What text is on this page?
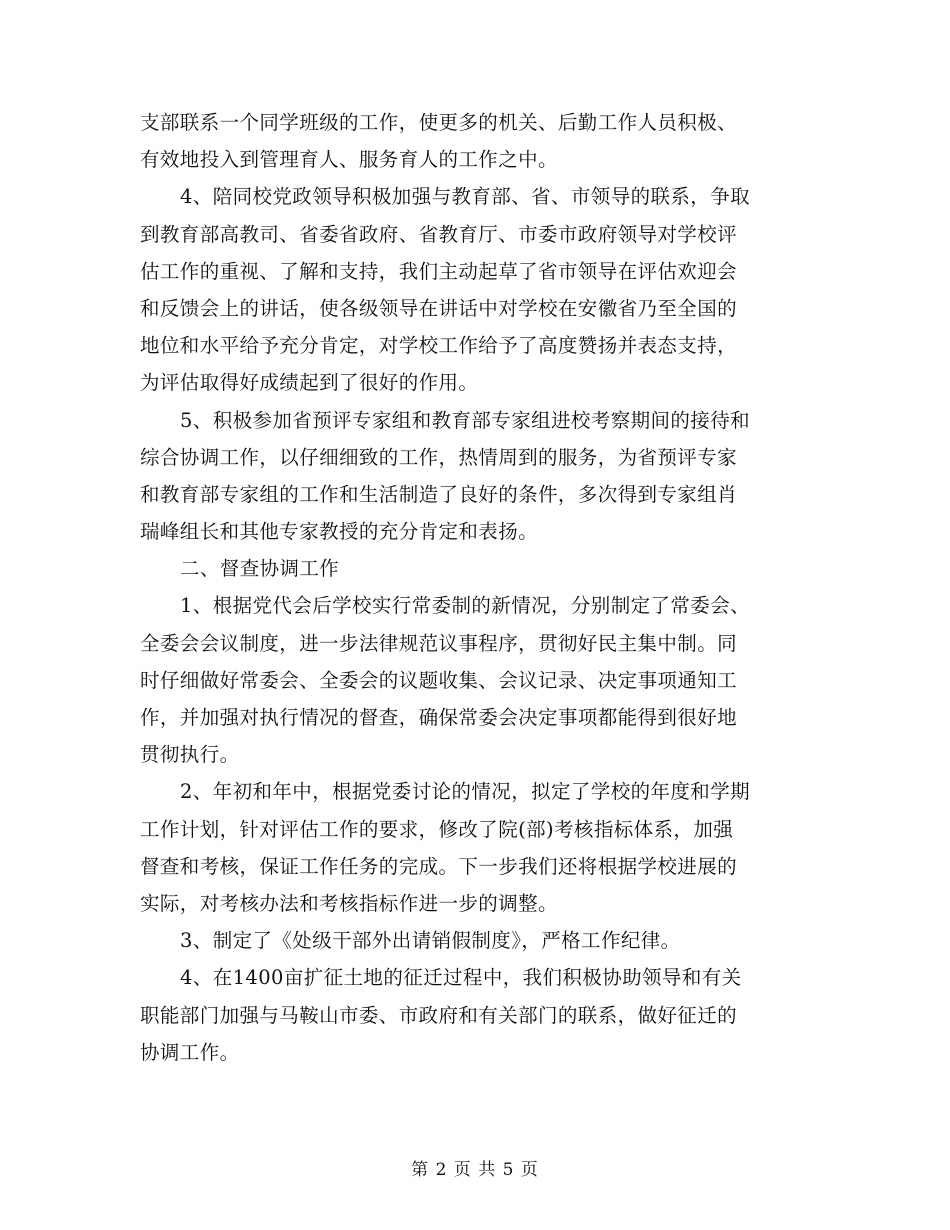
支部联系一个同学班级的工作，使更多的机关、后勤工作人员积极、
有效地投入到管理育人、服务育人的工作之中。
4、陪同校党政领导积极加强与教育部、省、市领导的联系，争取
到教育部高教司、省委省政府、省教育厅、市委市政府领导对学校评
估工作的重视、了解和支持，我们主动起草了省市领导在评估欢迎会
和反馈会上的讲话，使各级领导在讲话中对学校在安徽省乃至全国的
地位和水平给予充分肯定，对学校工作给予了高度赞扬并表态支持，
为评估取得好成绩起到了很好的作用。
5、积极参加省预评专家组和教育部专家组进校考察期间的接待和
综合协调工作，以仔细细致的工作，热情周到的服务，为省预评专家
和教育部专家组的工作和生活制造了良好的条件，多次得到专家组肖
瑞峰组长和其他专家教授的充分肯定和表扬。
二、督查协调工作
1、根据党代会后学校实行常委制的新情况，分别制定了常委会、
全委会会议制度，进一步法律规范议事程序，贯彻好民主集中制。同
时仔细做好常委会、全委会的议题收集、会议记录、决定事项通知工
作，并加强对执行情况的督查，确保常委会决定事项都能得到很好地
贯彻执行。
2、年初和年中，根据党委讨论的情况，拟定了学校的年度和学期
工作计划，针对评估工作的要求，修改了院(部)考核指标体系，加强
督查和考核，保证工作任务的完成。下一步我们还将根据学校进展的
实际，对考核办法和考核指标作进一步的调整。
3、制定了《处级干部外出请销假制度》，严格工作纪律。
4、在1400亩扩征土地的征迁过程中，我们积极协助领导和有关
职能部门加强与马鞍山市委、市政府和有关部门的联系，做好征迁的
协调工作。
第 2 页 共 5 页
